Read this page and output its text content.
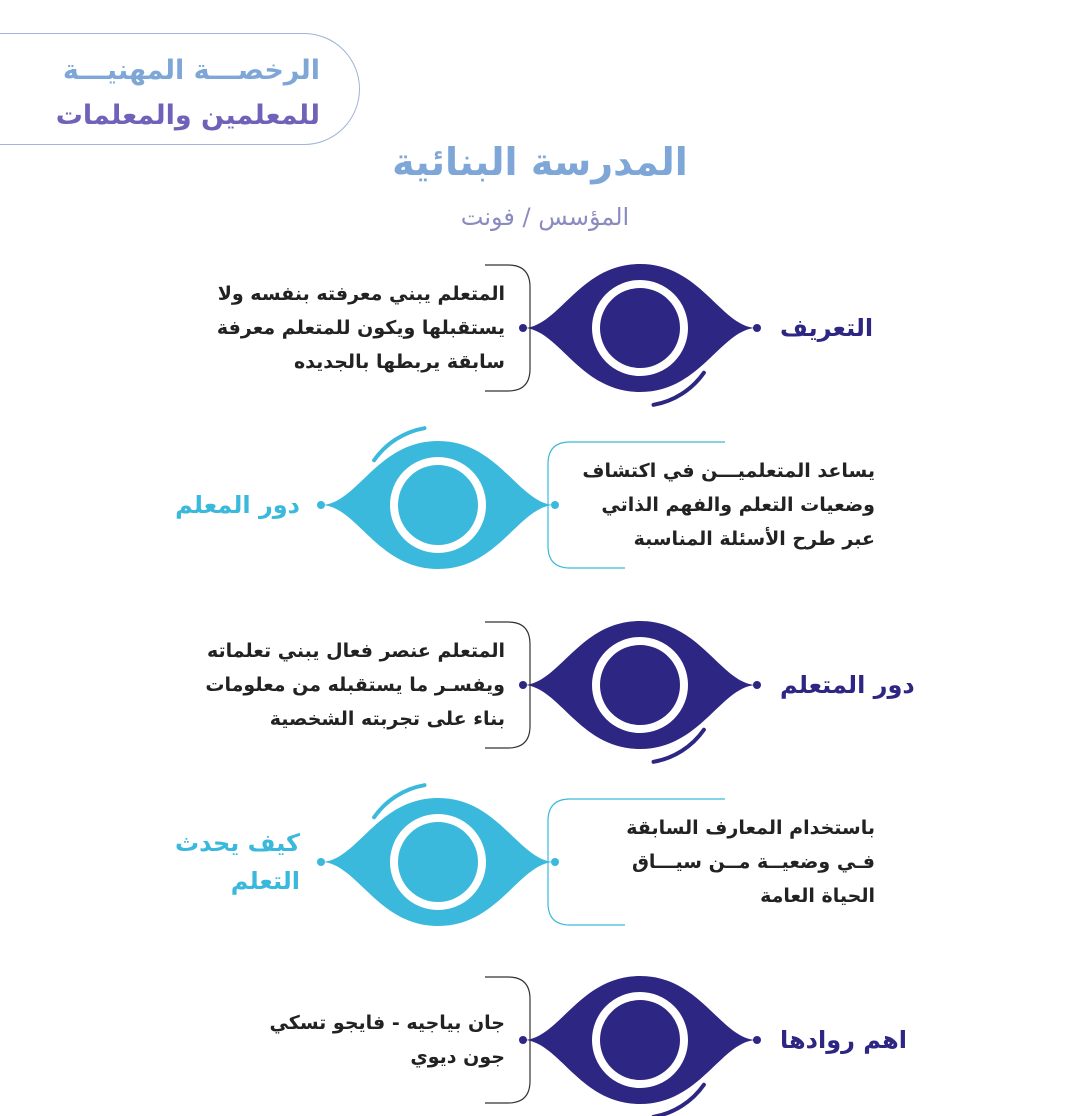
الرخصـــة المهنيـــة
للمعلمين والمعلمات
المدرسة البنائية
المؤسس / فونت
التعريف
المتعلم يبني معرفته بنفسه ولا
يستقبلها ويكون للمتعلم معرفة
سابقة يربطها بالجديده
دور المعلم
يساعد المتعلميـــن في اكتشاف
وضعيات التعلم والفهم الذاتي
عبر طرح الأسئلة المناسبة
دور المتعلم
المتعلم عنصر فعال يبني تعلماته
ويفسـر ما يستقبله من معلومات
بناء على تجربته الشخصية
كيف يحدث
التعلم
باستخدام المعارف السابقة
فـي وضعيــة مــن سيـــاق
الحياة العامة
اهم روادها
جان بياجيه - فايجو تسكي
جون ديوي
